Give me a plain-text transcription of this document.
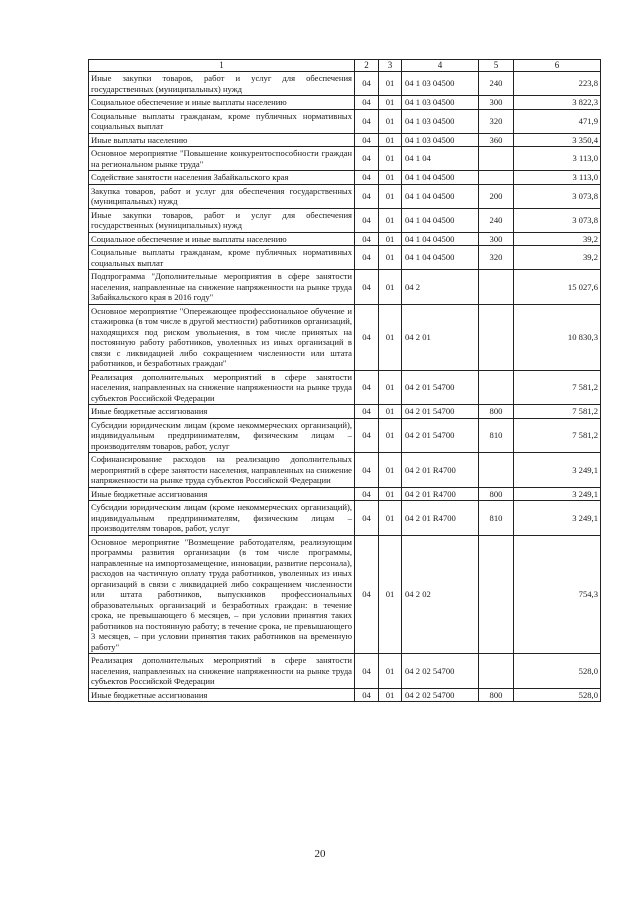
1	2	3	4	5	6
Иные закупки товаров, работ и услуг для обеспечения государственных (муниципальных) нужд	04	01	04 1 03 04500	240	223,8
Социальное обеспечение и иные выплаты населению	04	01	04 1 03 04500	300	3 822,3
Социальные выплаты гражданам, кроме публичных нормативных социальных выплат	04	01	04 1 03 04500	320	471,9
Иные выплаты населению	04	01	04 1 03 04500	360	3 350,4
Основное мероприятие "Повышение конкурентоспособности граждан на региональном рынке труда"	04	01	04 1 04		3 113,0
Содействие занятости населения Забайкальского края	04	01	04 1 04 04500		3 113,0
Закупка товаров, работ и услуг для обеспечения государственных (муниципальных) нужд	04	01	04 1 04 04500	200	3 073,8
Иные закупки товаров, работ и услуг для обеспечения государственных (муниципальных) нужд	04	01	04 1 04 04500	240	3 073,8
Социальное обеспечение и иные выплаты населению	04	01	04 1 04 04500	300	39,2
Социальные выплаты гражданам, кроме публичных нормативных социальных выплат	04	01	04 1 04 04500	320	39,2
Подпрограмма "Дополнительные мероприятия в сфере занятости населения, направленные на снижение напряженности на рынке труда Забайкальского края в 2016 году"	04	01	04 2		15 027,6
Основное мероприятие "Опережающее профессиональное обучение и стажировка (в том числе в другой местности) работников организаций, находящихся под риском увольнения, в том числе принятых на постоянную работу работников, уволенных из иных организаций в связи с ликвидацией либо сокращением численности или штата работников, и безработных граждан"	04	01	04 2 01		10 830,3
Реализация дополнительных мероприятий в сфере занятости населения, направленных на снижение напряженности на рынке труда субъектов Российской Федерации	04	01	04 2 01 54700		7 581,2
Иные бюджетные ассигнования	04	01	04 2 01 54700	800	7 581,2
Субсидии юридическим лицам (кроме некоммерческих организаций), индивидуальным предпринимателям, физическим лицам – производителям товаров, работ, услуг	04	01	04 2 01 54700	810	7 581,2
Софинансирование расходов на реализацию дополнительных мероприятий в сфере занятости населения, направленных на снижение напряженности на рынке труда субъектов Российской Федерации	04	01	04 2 01 R4700		3 249,1
Иные бюджетные ассигнования	04	01	04 2 01 R4700	800	3 249,1
Субсидии юридическим лицам (кроме некоммерческих организаций), индивидуальным предпринимателям, физическим лицам – производителям товаров, работ, услуг	04	01	04 2 01 R4700	810	3 249,1
Основное мероприятие "Возмещение работодателям, реализующим программы развития организации (в том числе программы, направленные на импортозамещение, инновации, развитие персонала), расходов на частичную оплату труда работников, уволенных из иных организаций в связи с ликвидацией либо сокращением численности или штата работников, выпускников профессиональных образовательных организаций и безработных граждан: в течение срока, не превышающего 6 месяцев, – при условии принятия таких работников на постоянную работу; в течение срока, не превышающего 3 месяцев, – при условии принятия таких работников на временную работу"	04	01	04 2 02		754,3
Реализация дополнительных мероприятий в сфере занятости населения, направленных на снижение напряженности на рынке труда субъектов Российской Федерации	04	01	04 2 02 54700		528,0
Иные бюджетные ассигнования	04	01	04 2 02 54700	800	528,0
20
